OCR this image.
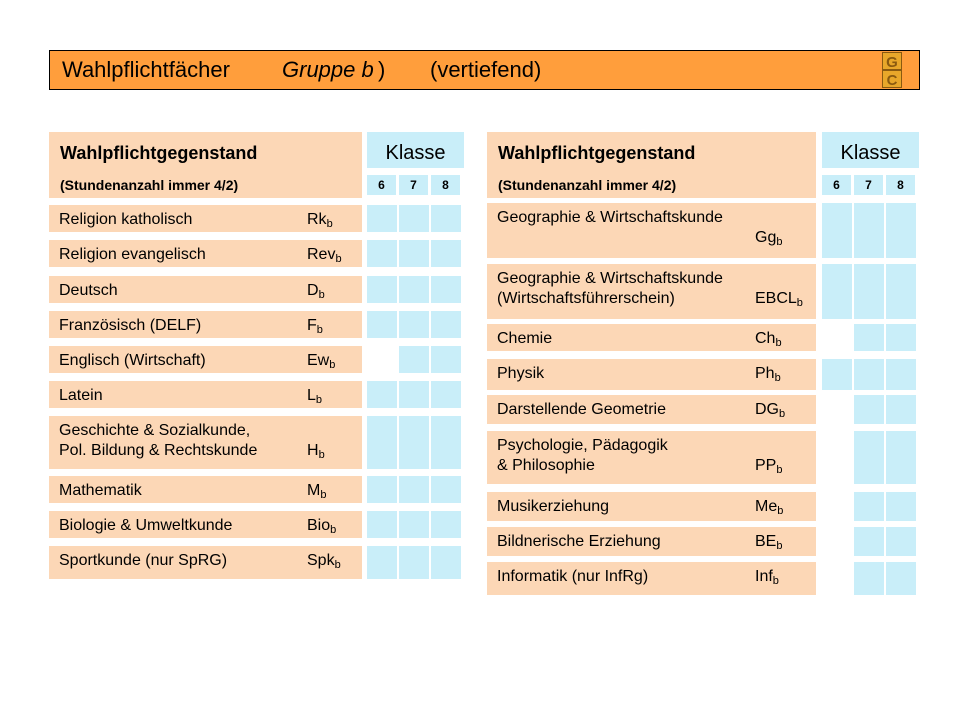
Wahlpflichtfächer Gruppe b ) (vertiefend)	G
C
Wahlpflichtgegenstand
(Stundenanzahl immer 4/2)
Klasse
6	7	8
Religion katholisch	$Rk_b$
Religion evangelisch	Rev$_b$
Deutsch	$D_b$
Französisch (DELF)	$F_b$
Englisch (Wirtschaft)	$Ew_b$
Latein	$L_b$
Geschichte & Sozialkunde,
Pol. Bildung & Rechtskunde	$H_b$
Mathematik	$M_b$
Biologie & Umweltkunde	Bio$_b$
Sportkunde (nur SpRG)	Spk$_b$
Wahlpflichtgegenstand
(Stundenanzahl immer 4/2)
Klasse
6	7	8
Geographie & Wirtschaftskunde
$Gg_b$
Geographie & Wirtschaftskunde
(Wirtschaftsführerschein)	$EBCL_b$
Chemie	$Ch_b$
Physik	$Ph_b$
Darstellende Geometrie	$DG_b$
Psychologie, Pädagogik
& Philosophie	$PP_b$
Musikerziehung	$Me_b$
Bildnerische Erziehung	$BE_b$
Informatik (nur InfRg)	Inf$_b$
